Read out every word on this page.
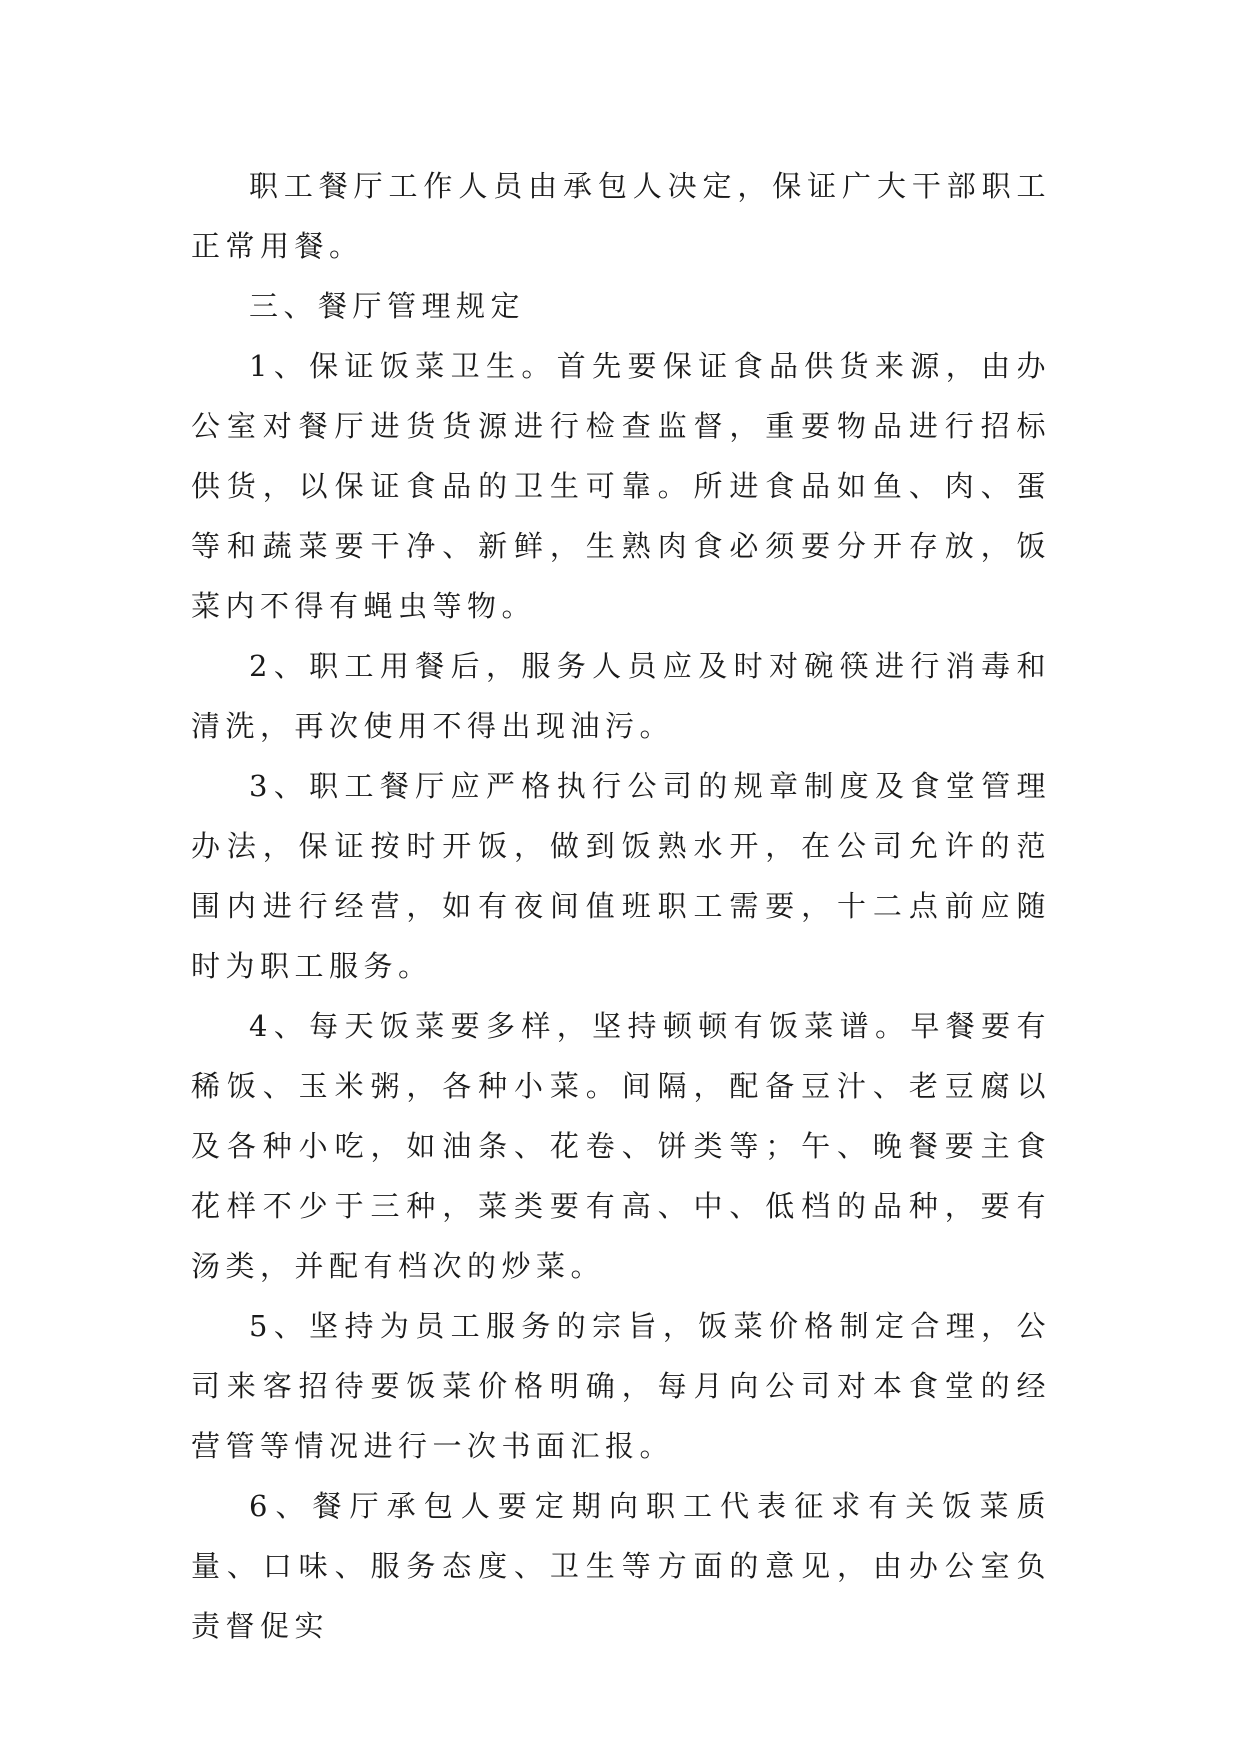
职工餐厅工作人员由承包人决定，保证广大干部职工正常用餐。

三、餐厅管理规定

1、保证饭菜卫生。首先要保证食品供货来源，由办公室对餐厅进货货源进行检查监督，重要物品进行招标供货，以保证食品的卫生可靠。所进食品如鱼、肉、蛋等和蔬菜要干净、新鲜，生熟肉食必须要分开存放，饭菜内不得有蝇虫等物。

2、职工用餐后，服务人员应及时对碗筷进行消毒和清洗，再次使用不得出现油污。

3、职工餐厅应严格执行公司的规章制度及食堂管理办法，保证按时开饭，做到饭熟水开，在公司允许的范围内进行经营，如有夜间值班职工需要，十二点前应随时为职工服务。

4、每天饭菜要多样，坚持顿顿有饭菜谱。早餐要有稀饭、玉米粥，各种小菜。间隔，配备豆汁、老豆腐以及各种小吃，如油条、花卷、饼类等；午、晚餐要主食花样不少于三种，菜类要有高、中、低档的品种，要有汤类，并配有档次的炒菜。

5、坚持为员工服务的宗旨，饭菜价格制定合理，公司来客招待要饭菜价格明确，每月向公司对本食堂的经营管等情况进行一次书面汇报。

6、餐厅承包人要定期向职工代表征求有关饭菜质量、口味、服务态度、卫生等方面的意见，由办公室负责督促实
